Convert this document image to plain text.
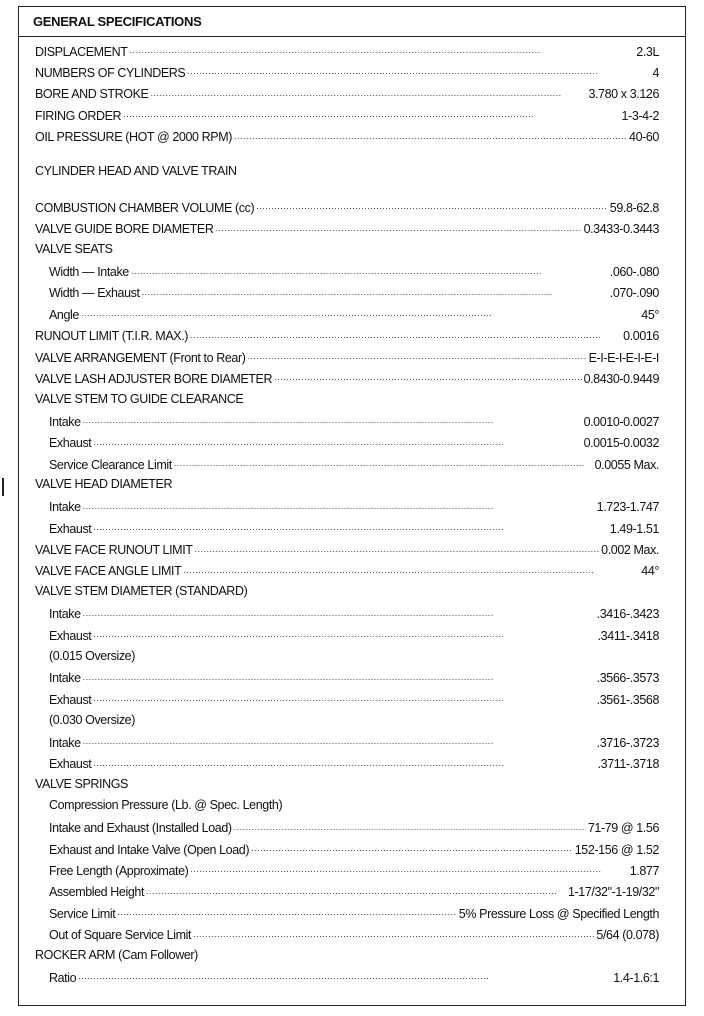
GENERAL SPECIFICATIONS
DISPLACEMENT . . .	2.3L
NUMBERS OF CYLINDERS . . .	4
BORE AND STROKE . . .	3.780 x 3.126
FIRING ORDER . . .	1-3-4-2
OIL PRESSURE (HOT @ 2000 RPM) . . .	40-60
CYLINDER HEAD AND VALVE TRAIN
COMBUSTION CHAMBER VOLUME (cc) . . .	59.8-62.8
VALVE GUIDE BORE DIAMETER . . .	0.3433-0.3443
VALVE SEATS
Width — Intake . . .	.060-.080
Width — Exhaust . . .	.070-.090
Angle . . .	45°
RUNOUT LIMIT (T.I.R. MAX.) . . .	0.0016
VALVE ARRANGEMENT (Front to Rear) . . .	E-I-E-I-E-I-E-I
VALVE LASH ADJUSTER BORE DIAMETER . . .	0.8430-0.9449
VALVE STEM TO GUIDE CLEARANCE
Intake . . .	0.0010-0.0027
Exhaust . . .	0.0015-0.0032
Service Clearance Limit . . .	0.0055 Max.
VALVE HEAD DIAMETER
Intake . . .	1.723-1.747
Exhaust . . .	1.49-1.51
VALVE FACE RUNOUT LIMIT . . .	0.002 Max.
VALVE FACE ANGLE LIMIT . . .	44°
VALVE STEM DIAMETER (STANDARD)
Intake . . .	.3416-.3423
Exhaust . . .	.3411-.3418
(0.015 Oversize)
Intake . . .	.3566-.3573
Exhaust . . .	.3561-.3568
(0.030 Oversize)
Intake . . .	.3716-.3723
Exhaust . . .	.3711-.3718
VALVE SPRINGS
Compression Pressure (Lb. @ Spec. Length)
Intake and Exhaust (Installed Load) . . .	71-79 @ 1.56
Exhaust and Intake Valve (Open Load) . . .	152-156 @ 1.52
Free Length (Approximate) . . .	1.877
Assembled Height . . .	1-17/32"-1-19/32"
Service Limit . . .	5% Pressure Loss @ Specified Length
Out of Square Service Limit . . .	5/64 (0.078)
ROCKER ARM (Cam Follower)
Ratio . . .	1.4-1.6:1
